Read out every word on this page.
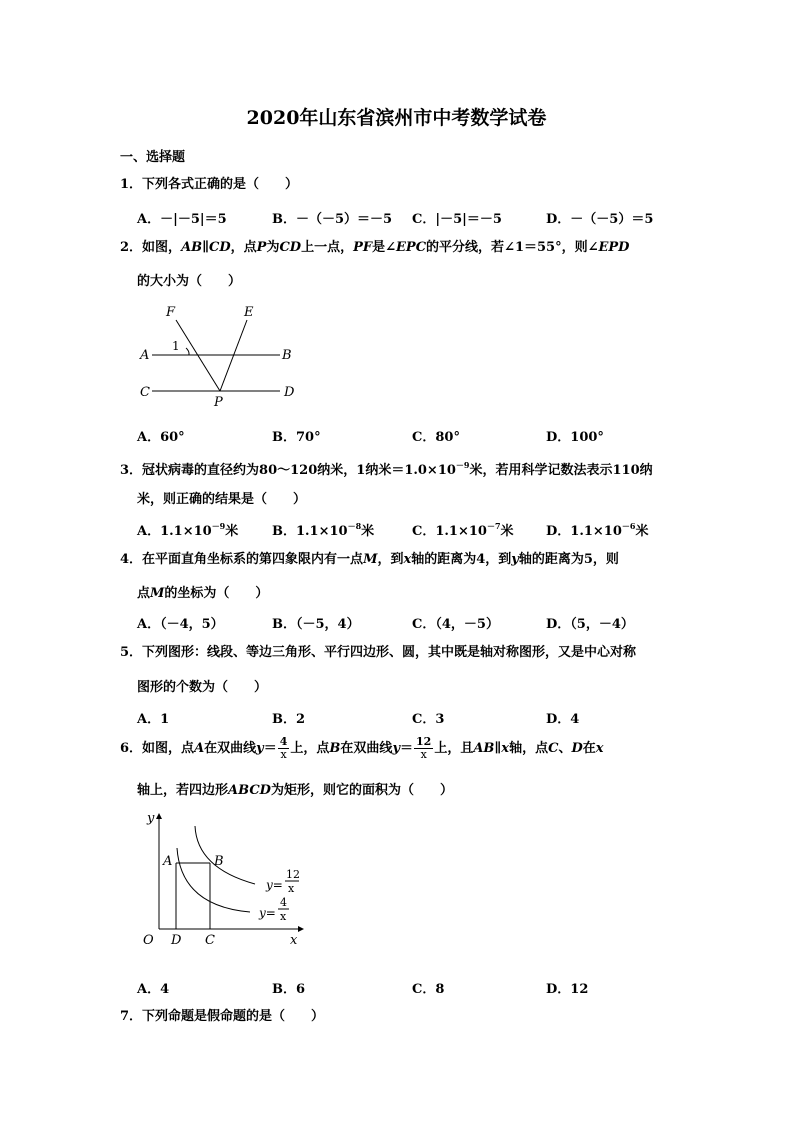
2020年山东省滨州市中考数学试卷
一、选择题
1．下列各式正确的是（　　）
A．－|－5|＝5	B．－（－5）＝－5 C．|－5|＝－5	D．－（－5）＝5
2．如图，AB∥CD，点P为CD上一点，PF是∠EPC的平分线，若∠1＝55°，则∠EPD
的大小为（　　）
F	E
A	B
C	D
P
1
A．60°	B．70°	C．80°	D．100°
3．冠状病毒的直径约为80～120纳米，1纳米$=1.0\times 10^{-9}$米，若用科学记数法表示110纳
米，则正确的结果是（　　）
A．$1.1\times 10^{-9}$米	B．$1.1\times 10^{-8}$米	C．$1.1\times 10^{-7}$米 D．$1.1\times 10^{-6}$米
4．在平面直角坐标系的第四象限内有一点M，到x轴的距离为4，到y轴的距离为5，则
点M的坐标为（　　）
A．（－4，5）	B．（－5，4）	C．（4，－5）	D．（5，－4）
5．下列图形：线段、等边三角形、平行四边形、圆，其中既是轴对称图形，又是中心对称
图形的个数为（　　）
A．1	B．2	C．3	D．4
6．如图，点A在双曲线$y= \frac{4}{x}$ 上，点B在双曲线$y= \frac{12}{x}$ 上，且AB∥x轴，点C、D在x
轴上，若四边形ABCD为矩形，则它的面积为（　　）
y
x
O D C
A	B
y=
12
x
y=
4
x
A．4	B．6	C．8	D．12
7．下列命题是假命题的是（　　）
